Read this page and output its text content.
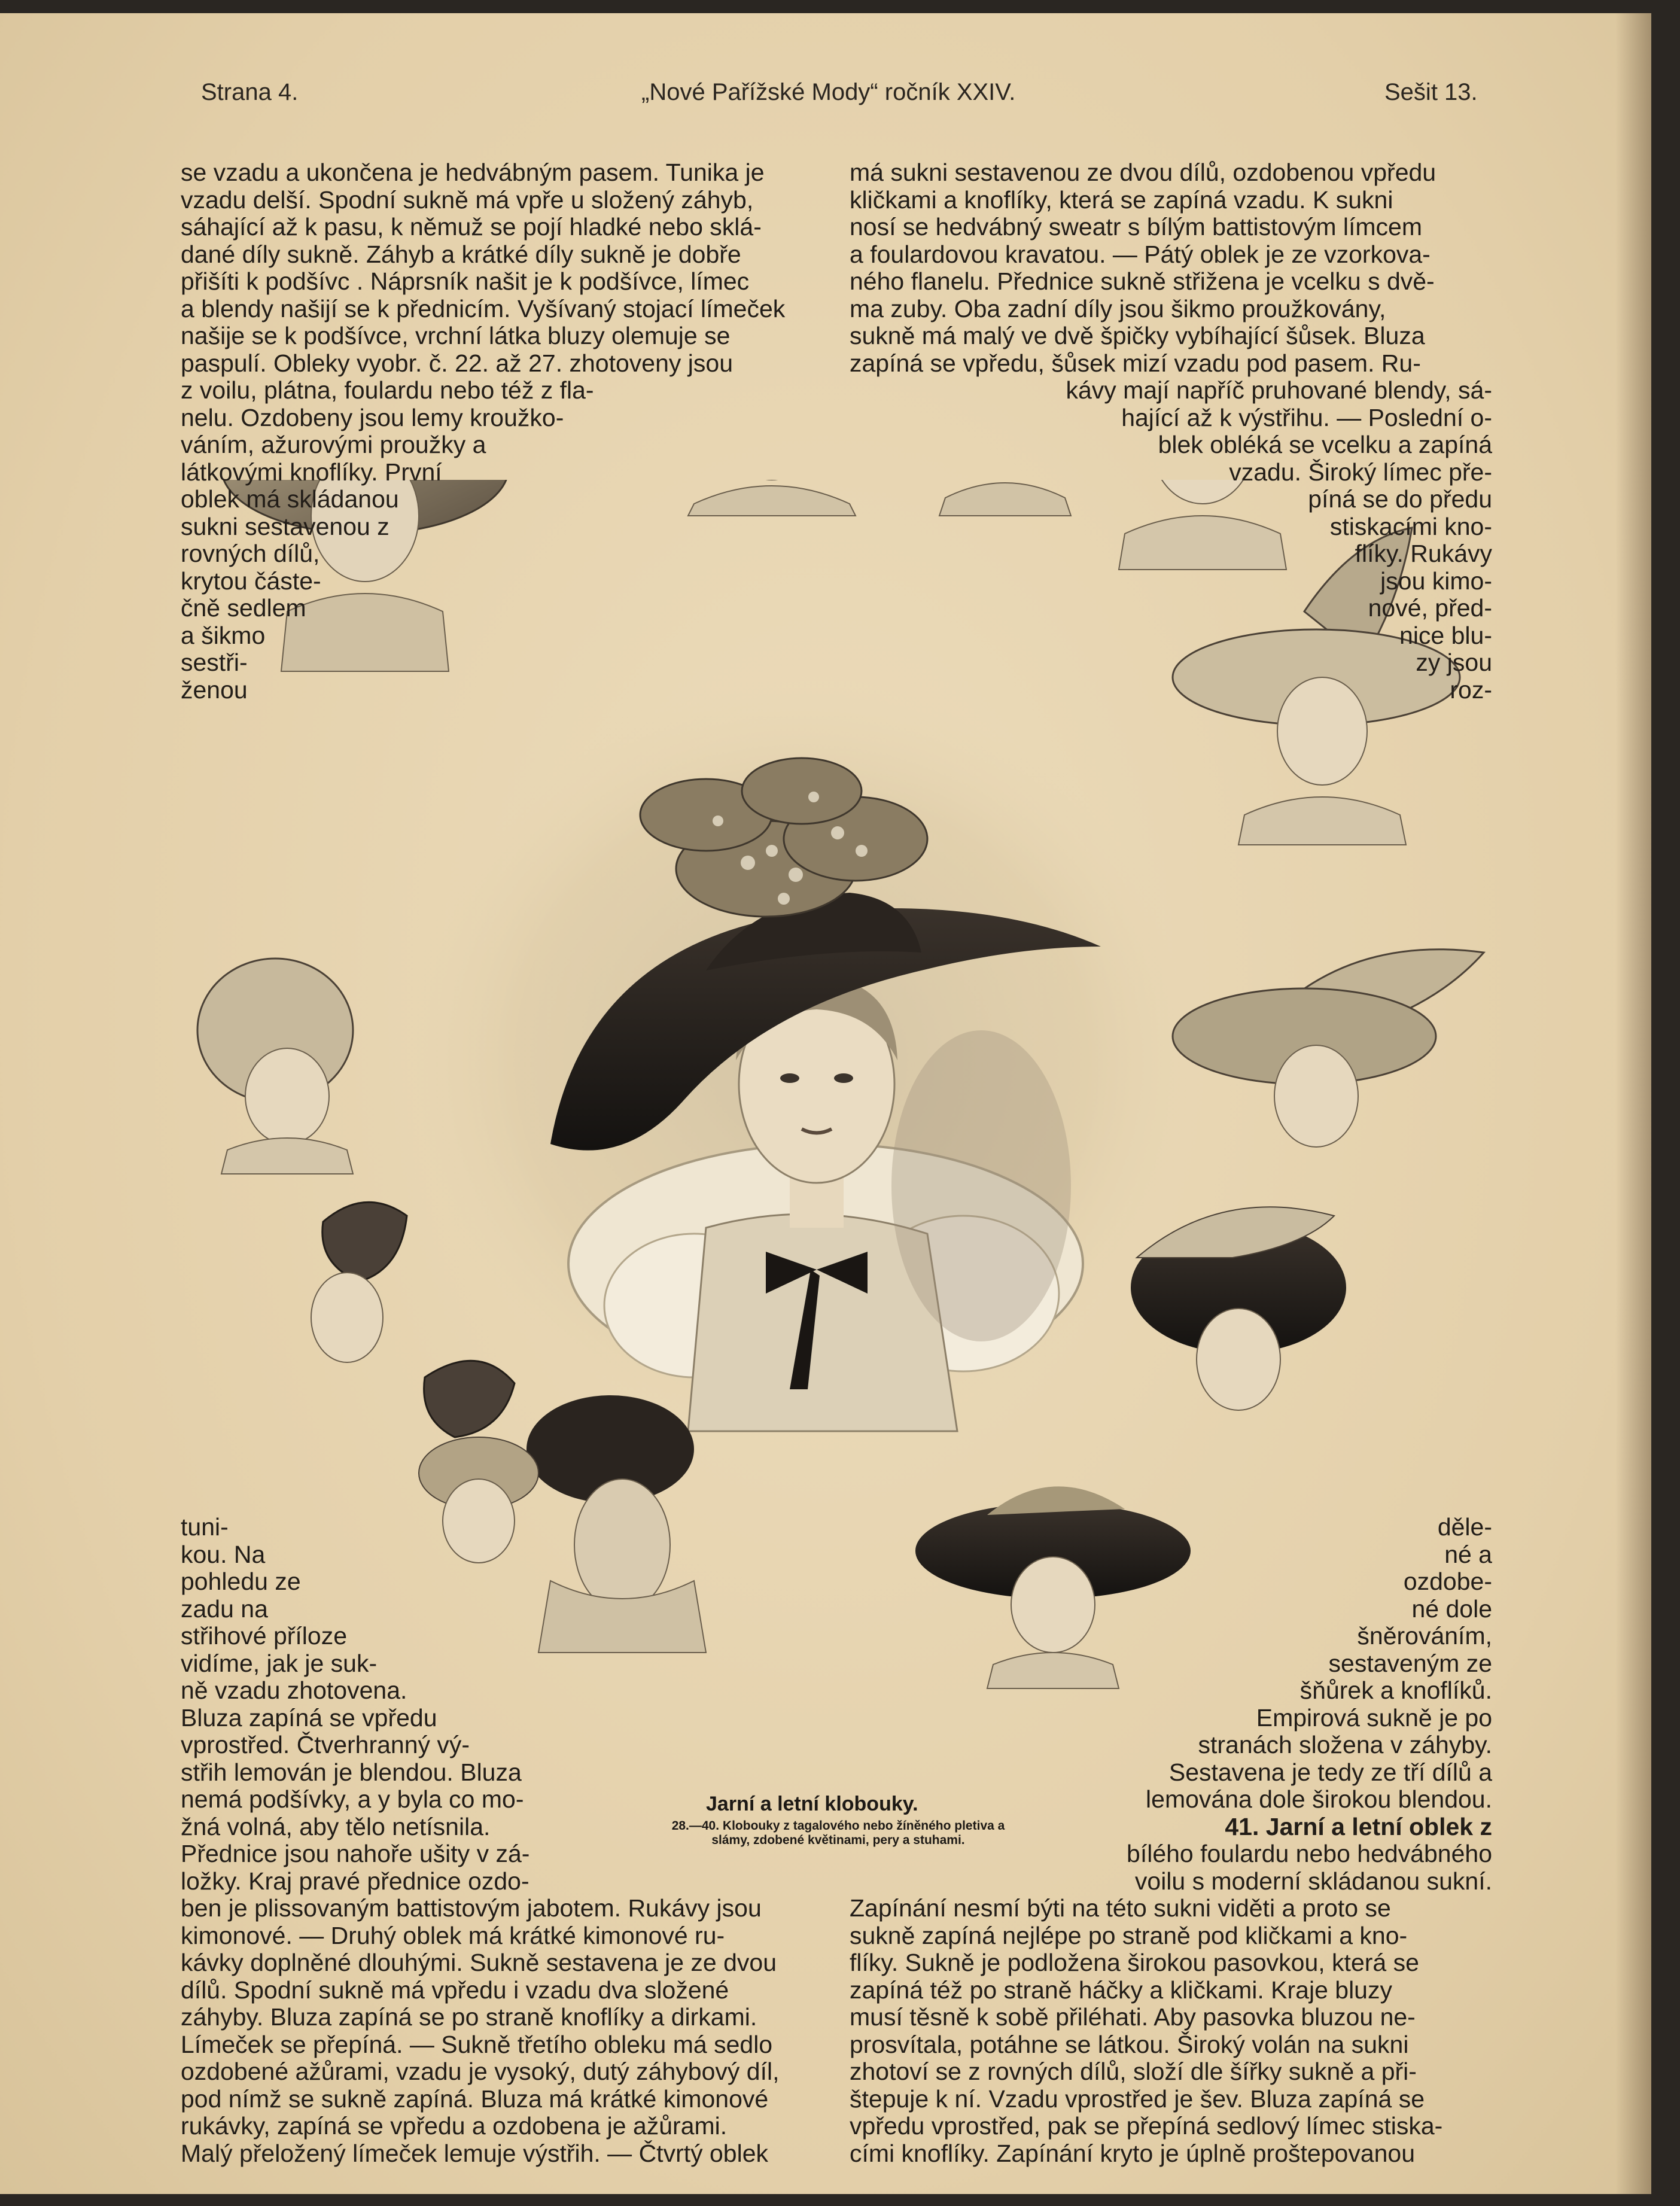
Strana 4.	„Nové Pařížské Mody“ ročník XXIV.	Sešit 13.
se vzadu a ukončena je hedvábným pasem. Tunika je
vzadu delší. Spodní sukně má vpře u složený záhyb,
sáhající až k pasu, k němuž se pojí hladké nebo sklá-
dané díly sukně. Záhyb a krátké díly sukně je dobře
přišíti k podšívc . Náprsník našit je k podšívce, límec
a blendy našijí se k přednicím. Vyšívaný stojací límeček
našije se k podšívce, vrchní látka bluzy olemuje se
paspulí. Obleky vyobr. č. 22. až 27. zhotoveny jsou
z voilu, plátna, foulardu nebo též z fla-
nelu. Ozdobeny jsou lemy kroužko-
váním, ažurovými proužky a
látkovými knoflíky. První
oblek má skládanou
sukni sestavenou z
rovných dílů,
krytou částe-
čně sedlem
a šikmo
sestři-
ženou
má sukni sestavenou ze dvou dílů, ozdobenou vpředu
kličkami a knoflíky, která se zapíná vzadu. K sukni
nosí se hedvábný sweatr s bílým battistovým límcem
a foulardovou kravatou. — Pátý oblek je ze vzorkova-
ného flanelu. Přednice sukně střižena je vcelku s dvě-
ma zuby. Oba zadní díly jsou šikmo proužkovány,
sukně má malý ve dvě špičky vybíhající šůsek. Bluza
zapíná se vpředu, šůsek mizí vzadu pod pasem. Ru-
kávy mají napříč pruhované blendy, sá-
hající až k výstřihu. — Poslední o-
blek obléká se vcelku a zapíná
vzadu. Široký límec pře-
píná se do předu
stiskacími kno-
flíky. Rukávy
jsou kimo-
nové, před-
nice blu-
zy jsou
roz-
tuni-
kou. Na
pohledu ze
zadu na
střihové příloze
vidíme, jak je suk-
ně vzadu zhotovena.
Bluza zapíná se vpředu
vprostřed. Čtverhranný vý-
střih lemován je blendou. Bluza
nemá podšívky, a y byla co mo-
žná volná, aby tělo netísnila.
Přednice jsou nahoře ušity v zá-
ložky. Kraj pravé přednice ozdo-
ben je plissovaným battistovým jabotem. Rukávy jsou
kimonové. — Druhý oblek má krátké kimonové ru-
kávky doplněné dlouhými. Sukně sestavena je ze dvou
dílů. Spodní sukně má vpředu i vzadu dva složené
záhyby. Bluza zapíná se po straně knoflíky a dirkami.
Límeček se přepíná. — Sukně třetího obleku má sedlo
ozdobené ažůrami, vzadu je vysoký, dutý záhybový díl,
pod nímž se sukně zapíná. Bluza má krátké kimonové
rukávky, zapíná se vpředu a ozdobena je ažůrami.
Malý přeložený límeček lemuje výstřih. — Čtvrtý oblek
děle-
né a
ozdobe-
né dole
šněrováním,
sestaveným ze
šňůrek a knoflíků.
Empirová sukně je po
stranách složena v záhyby.
Sestavena je tedy ze tří dílů a
lemována dole širokou blendou.
41. Jarní a letní oblek z
bílého foulardu nebo hedvábného
voilu s moderní skládanou sukní.
Zapínání nesmí býti na této sukni viděti a proto se
sukně zapíná nejlépe po straně pod kličkami a kno-
flíky. Sukně je podložena širokou pasovkou, která se
zapíná též po straně háčky a kličkami. Kraje bluzy
musí těsně k sobě přiléhati. Aby pasovka bluzou ne-
prosvítala, potáhne se látkou. Široký volán na sukni
zhotoví se z rovných dílů, složí dle šířky sukně a při-
štepuje k ní. Vzadu vprostřed je šev. Bluza zapíná se
vpředu vprostřed, pak se přepíná sedlový límec stiska-
cími knoflíky. Zapínání kryto je úplně proštepovanou
Jarní a letní klobouky.
28.—40. Klobouky z tagalového nebo žíněného pletiva a
slámy, zdobené květinami, pery a stuhami.
